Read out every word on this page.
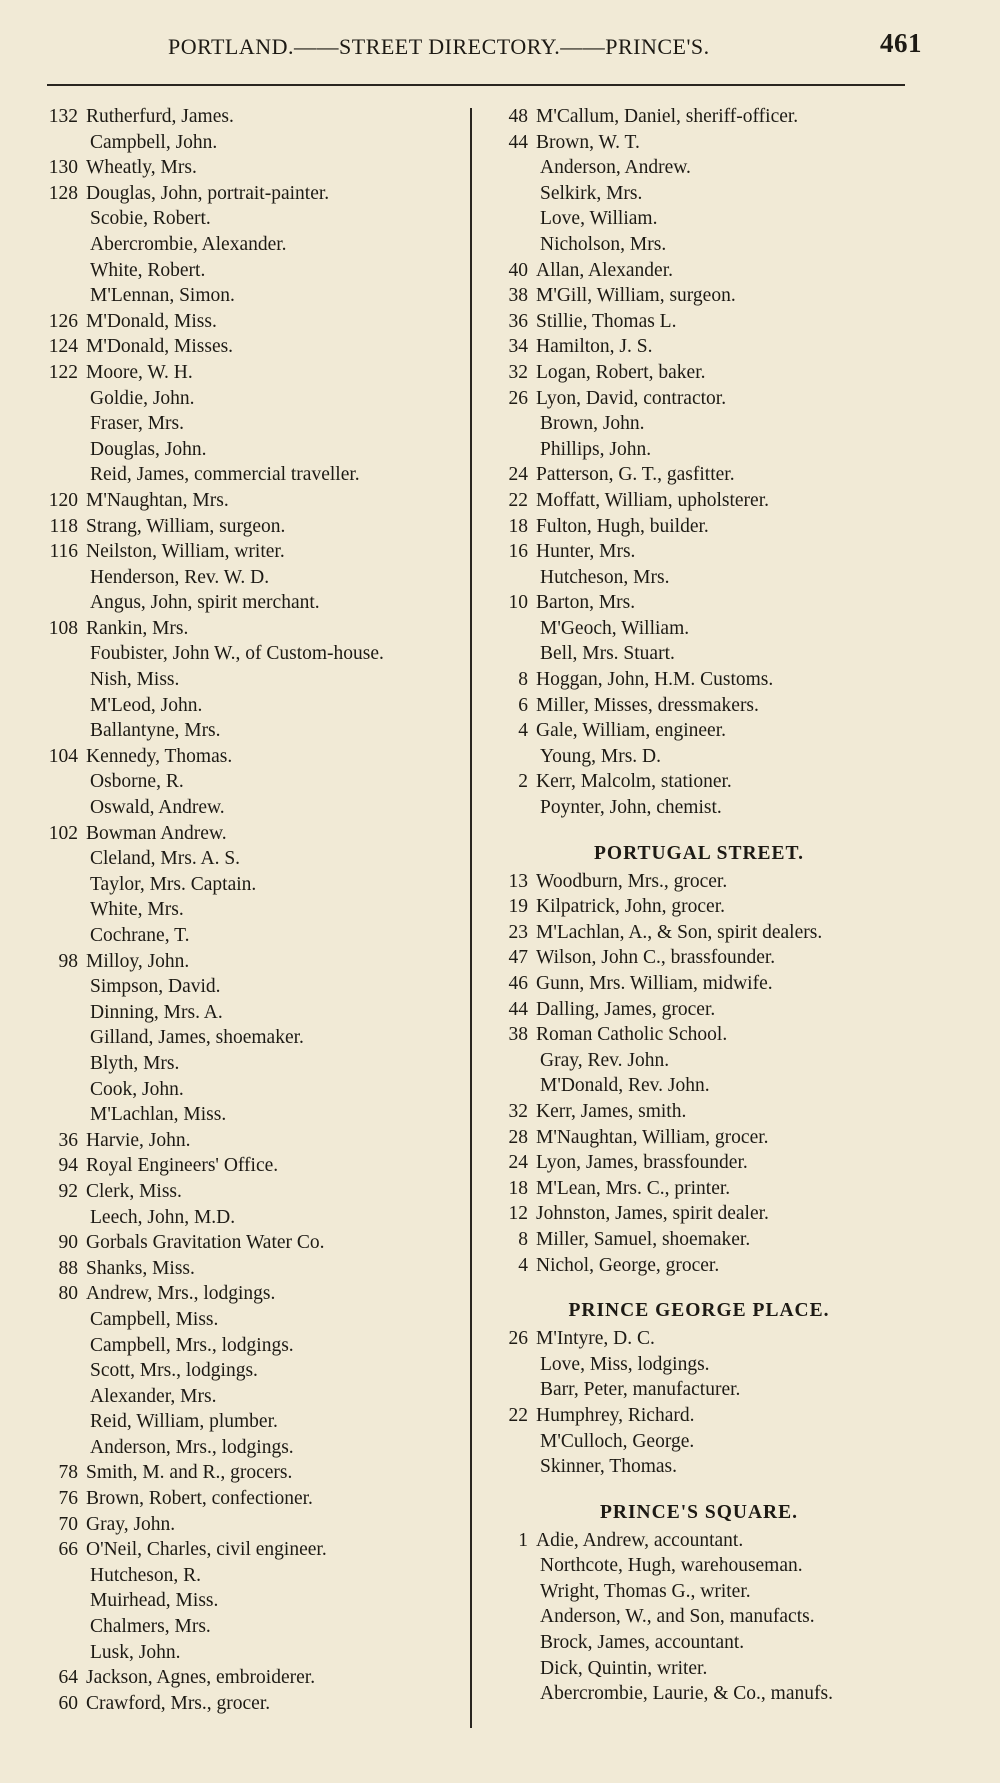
PORTLAND.——STREET DIRECTORY.——PRINCE'S.	461
132 Rutherfurd, James.
Campbell, John.
130 Wheatly, Mrs.
128 Douglas, John, portrait-painter.
Scobie, Robert.
Abercrombie, Alexander.
White, Robert.
M'Lennan, Simon.
126 M'Donald, Miss.
124 M'Donald, Misses.
122 Moore, W. H.
Goldie, John.
Fraser, Mrs.
Douglas, John.
Reid, James, commercial traveller.
120 M'Naughtan, Mrs.
118 Strang, William, surgeon.
116 Neilston, William, writer.
Henderson, Rev. W. D.
Angus, John, spirit merchant.
108 Rankin, Mrs.
Foubister, John W., of Custom-house.
Nish, Miss.
M'Leod, John.
Ballantyne, Mrs.
104 Kennedy, Thomas.
Osborne, R.
Oswald, Andrew.
102 Bowman Andrew.
Cleland, Mrs. A. S.
Taylor, Mrs. Captain.
White, Mrs.
Cochrane, T.
98 Milloy, John.
Simpson, David.
Dinning, Mrs. A.
Gilland, James, shoemaker.
Blyth, Mrs.
Cook, John.
M'Lachlan, Miss.
36 Harvie, John.
94 Royal Engineers' Office.
92 Clerk, Miss.
Leech, John, M.D.
90 Gorbals Gravitation Water Co.
88 Shanks, Miss.
80 Andrew, Mrs., lodgings.
Campbell, Miss.
Campbell, Mrs., lodgings.
Scott, Mrs., lodgings.
Alexander, Mrs.
Reid, William, plumber.
Anderson, Mrs., lodgings.
78 Smith, M. and R., grocers.
76 Brown, Robert, confectioner.
70 Gray, John.
66 O'Neil, Charles, civil engineer.
Hutcheson, R.
Muirhead, Miss.
Chalmers, Mrs.
Lusk, John.
64 Jackson, Agnes, embroiderer.
60 Crawford, Mrs., grocer.
48 M'Callum, Daniel, sheriff-officer.
44 Brown, W. T.
Anderson, Andrew.
Selkirk, Mrs.
Love, William.
Nicholson, Mrs.
40 Allan, Alexander.
38 M'Gill, William, surgeon.
36 Stillie, Thomas L.
34 Hamilton, J. S.
32 Logan, Robert, baker.
26 Lyon, David, contractor.
Brown, John.
Phillips, John.
24 Patterson, G. T., gasfitter.
22 Moffatt, William, upholsterer.
18 Fulton, Hugh, builder.
16 Hunter, Mrs.
Hutcheson, Mrs.
10 Barton, Mrs.
M'Geoch, William.
Bell, Mrs. Stuart.
8 Hoggan, John, H.M. Customs.
6 Miller, Misses, dressmakers.
4 Gale, William, engineer.
Young, Mrs. D.
2 Kerr, Malcolm, stationer.
Poynter, John, chemist.
PORTUGAL STREET.
13 Woodburn, Mrs., grocer.
19 Kilpatrick, John, grocer.
23 M'Lachlan, A., & Son, spirit dealers.
47 Wilson, John C., brassfounder.
46 Gunn, Mrs. William, midwife.
44 Dalling, James, grocer.
38 Roman Catholic School.
Gray, Rev. John.
M'Donald, Rev. John.
32 Kerr, James, smith.
28 M'Naughtan, William, grocer.
24 Lyon, James, brassfounder.
18 M'Lean, Mrs. C., printer.
12 Johnston, James, spirit dealer.
8 Miller, Samuel, shoemaker.
4 Nichol, George, grocer.
PRINCE GEORGE PLACE.
26 M'Intyre, D. C.
Love, Miss, lodgings.
Barr, Peter, manufacturer.
22 Humphrey, Richard.
M'Culloch, George.
Skinner, Thomas.
PRINCE'S SQUARE.
1 Adie, Andrew, accountant.
Northcote, Hugh, warehouseman.
Wright, Thomas G., writer.
Anderson, W., and Son, manufacts.
Brock, James, accountant.
Dick, Quintin, writer.
Abercrombie, Laurie, & Co., manufs.
